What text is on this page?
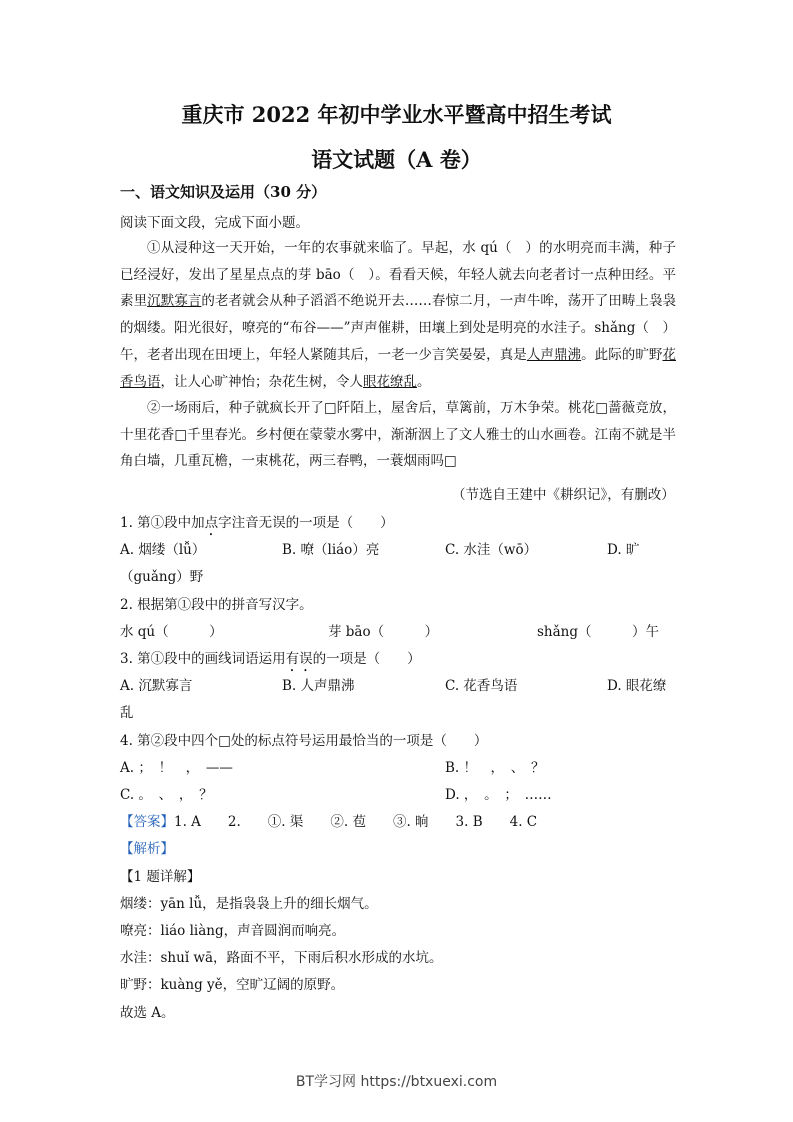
重庆市 2022 年初中学业水平暨高中招生考试
语文试题（A 卷）
一、语文知识及运用（30 分）
阅读下面文段，完成下面小题。
①从浸种这一天开始，一年的农事就来临了。早起，水 qú（　）的水明亮而丰满，种子已经浸好，发出了星星点点的芽 bāo（　）。看看天候，年轻人就去向老者讨一点种田经。平素里沉默寡言的老者就会从种子滔滔不绝说开去……春惊二月，一声牛哞，荡开了田畴上袅袅的烟缕。阳光很好，嘹亮的“布谷——”声声催耕，田壤上到处是明亮的水洼子。shǎng（　）午，老者出现在田埂上，年轻人紧随其后，一老一少言笑晏晏，真是人声鼎沸。此际的旷野花香鸟语，让人心旷神怡；杂花生树，令人眼花缭乱。
②一场雨后，种子就疯长开了□阡陌上，屋舍后，草篱前，万木争荣。桃花□蔷薇竞放，十里花香□千里春光。乡村便在蒙蒙水雾中，渐渐洇上了文人雅士的山水画卷。江南不就是半角白墙，几重瓦檐，一束桃花，两三春鸭，一蓑烟雨吗□
（节选自王建中《耕织记》，有删改）
1. 第①段中加点字注音无误的一项是（　　）
A. 烟缕（lǚ）	B. 嘹（liáo）亮	C. 水洼（wō）	D. 旷
（guǎng）野
2. 根据第①段中的拼音写汉字。
水 qú（　　　）	芽 bāo（　　　）	shǎng（　　　）午
3. 第①段中的画线词语运用有误的一项是（　　）
A. 沉默寡言	B. 人声鼎沸	C. 花香鸟语	D. 眼花缭
乱
4. 第②段中四个□处的标点符号运用最恰当的一项是（　　）
A. ；　！　，　——	B. ！　，　、　？
C. 。　、　，　？	D. ，　。　；　……
【答案】1. A　　2.　　①. 渠　　②. 苞　　③. 晌　　3. B　　4. C
【解析】
【1 题详解】
烟缕：yān lǚ，是指袅袅上升的细长烟气。
嘹亮：liáo liàng，声音圆润而响亮。
水洼：shuǐ wā，路面不平，下雨后积水形成的水坑。
旷野：kuàng yě，空旷辽阔的原野。
故选 A。
BT学习网 https://btxuexi.com
